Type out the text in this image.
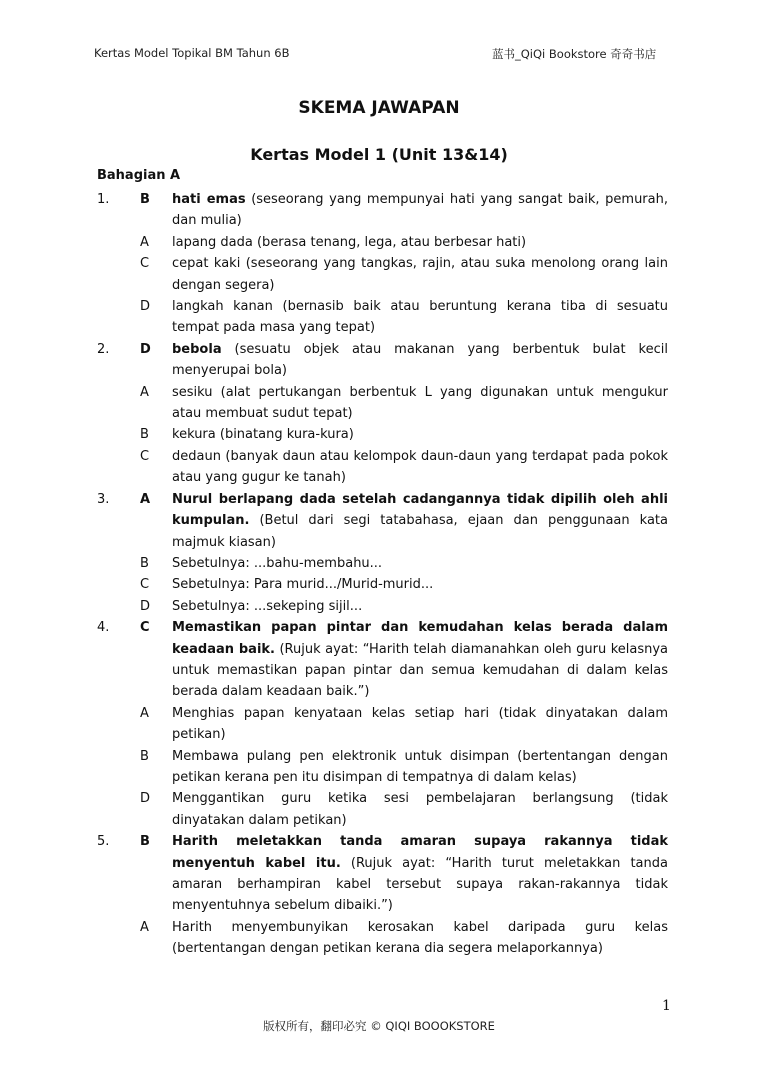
Kertas Model Topikal BM Tahun 6B	蓝书_QiQi Bookstore 奇奇书店
SKEMA JAWAPAN
Kertas Model 1 (Unit 13&14)
Bahagian A
1.	B	hati emas (seseorang yang mempunyai hati yang sangat baik, pemurah, dan mulia)
A	lapang dada (berasa tenang, lega, atau berbesar hati)
C	cepat kaki (seseorang yang tangkas, rajin, atau suka menolong orang lain dengan segera)
D	langkah kanan (bernasib baik atau beruntung kerana tiba di sesuatu tempat pada masa yang tepat)
2.	D	bebola (sesuatu objek atau makanan yang berbentuk bulat kecil menyerupai bola)
A	sesiku (alat pertukangan berbentuk L yang digunakan untuk mengukur atau membuat sudut tepat)
B	kekura (binatang kura-kura)
C	dedaun (banyak daun atau kelompok daun-daun yang terdapat pada pokok atau yang gugur ke tanah)
3.	A	Nurul berlapang dada setelah cadangannya tidak dipilih oleh ahli kumpulan. (Betul dari segi tatabahasa, ejaan dan penggunaan kata majmuk kiasan)
B	Sebetulnya: ...bahu-membahu...
C	Sebetulnya: Para murid.../Murid-murid...
D	Sebetulnya: ...sekeping sijil...
4.	C	Memastikan papan pintar dan kemudahan kelas berada dalam keadaan baik. (Rujuk ayat: “Harith telah diamanahkan oleh guru kelasnya untuk memastikan papan pintar dan semua kemudahan di dalam kelas berada dalam keadaan baik.”)
A	Menghias papan kenyataan kelas setiap hari (tidak dinyatakan dalam petikan)
B	Membawa pulang pen elektronik untuk disimpan (bertentangan dengan petikan kerana pen itu disimpan di tempatnya di dalam kelas)
D	Menggantikan guru ketika sesi pembelajaran berlangsung (tidak dinyatakan dalam petikan)
5.	B	Harith meletakkan tanda amaran supaya rakannya tidak menyentuh kabel itu. (Rujuk ayat: “Harith turut meletakkan tanda amaran berhampiran kabel tersebut supaya rakan-rakannya tidak menyentuhnya sebelum dibaiki.”)
A	Harith menyembunyikan kerosakan kabel daripada guru kelas (bertentangan dengan petikan kerana dia segera melaporkannya)
1
版权所有，翻印必究 © QIQI BOOOKSTORE
